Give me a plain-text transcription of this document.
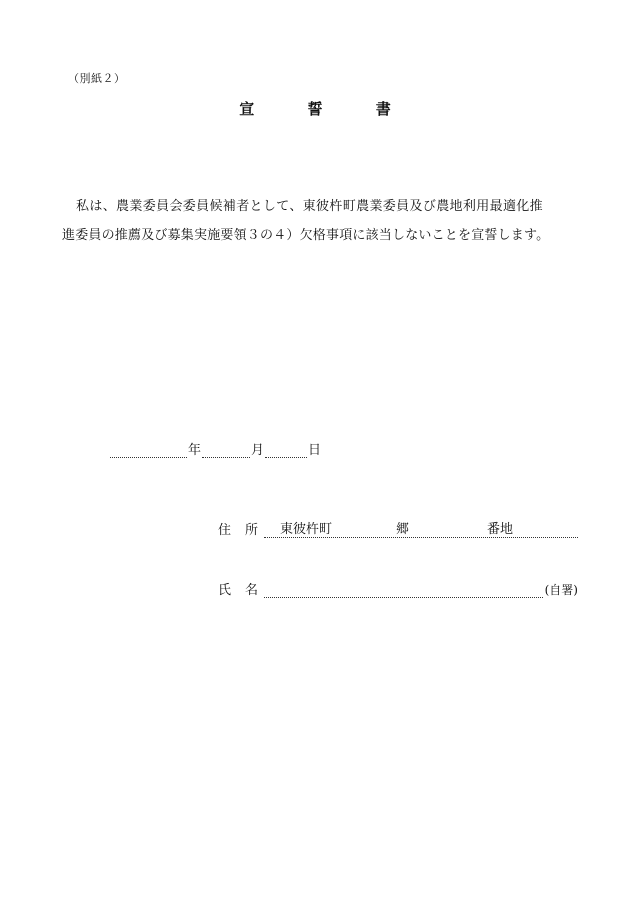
（別紙２）
宣	誓	書
私は、農業委員会委員候補者として、東彼杵町農業委員及び農地利用最適化推
進委員の推薦及び募集実施要領３の４）欠格事項に該当しないことを宣誓します。
年	月	日
住 所	東彼杵町	郷	番地
氏 名	(自署)
